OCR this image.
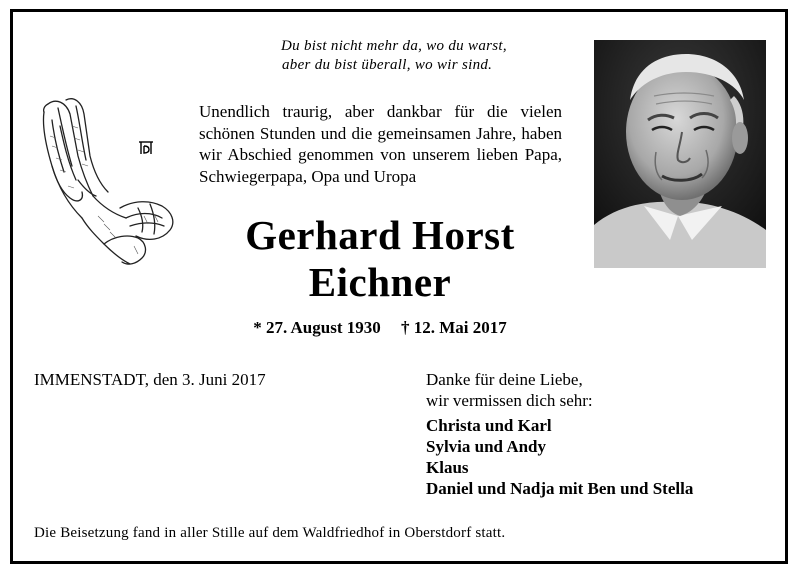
Du bist nicht mehr da, wo du warst,
aber du bist überall, wo wir sind.
Unendlich traurig, aber dankbar für die vielen schönen Stunden und die gemeinsamen Jahre, haben wir Abschied genommen von unserem lieben Papa, Schwiegerpapa, Opa und Uropa
Gerhard Horst
Eichner
* 27. August 1930 † 12. Mai 2017
IMMENSTADT, den 3. Juni 2017	Danke für deine Liebe,
wir vermissen dich sehr:
Christa und Karl
Sylvia und Andy
Klaus
Daniel und Nadja mit Ben und Stella
Die Beisetzung fand in aller Stille auf dem Waldfriedhof in Oberstdorf statt.
